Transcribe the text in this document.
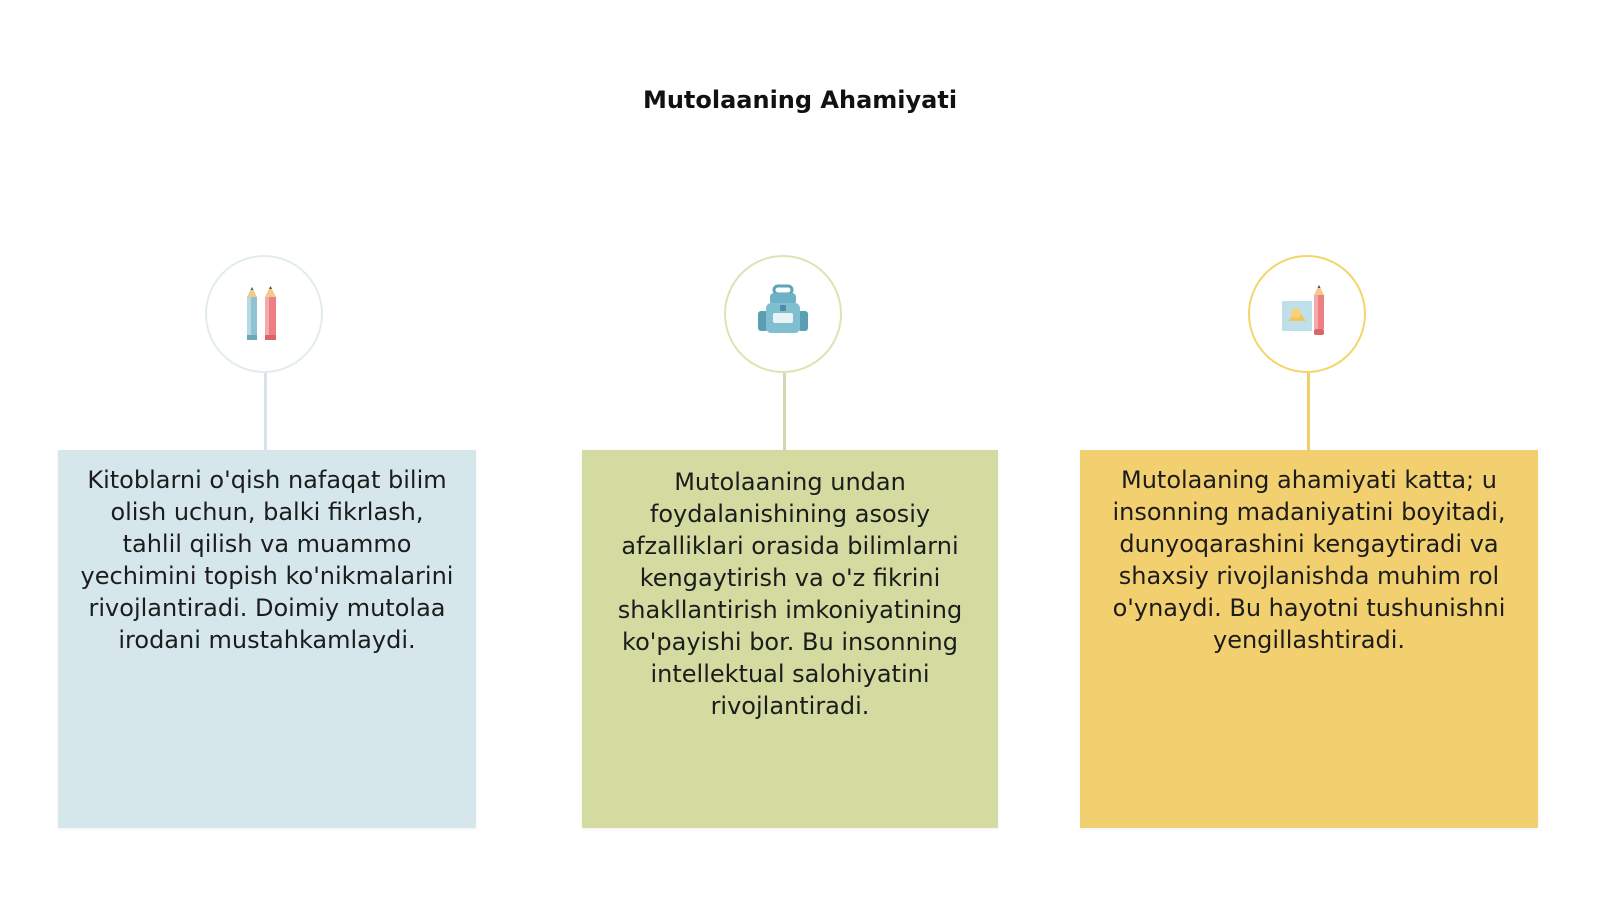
Mutolaaning Ahamiyati
Kitoblarni o'qish nafaqat bilim olish uchun, balki fikrlash, tahlil qilish va muammo yechimini topish ko'nikmalarini rivojlantiradi. Doimiy mutolaa irodani mustahkamlaydi.
Mutolaaning undan foydalanishining asosiy afzalliklari orasida bilimlarni kengaytirish va o'z fikrini shakllantirish imkoniyatining ko'payishi bor. Bu insonning intellektual salohiyatini rivojlantiradi.
Mutolaaning ahamiyati katta; u insonning madaniyatini boyitadi, dunyoqarashini kengaytiradi va shaxsiy rivojlanishda muhim rol o'ynaydi. Bu hayotni tushunishni yengillashtiradi.
